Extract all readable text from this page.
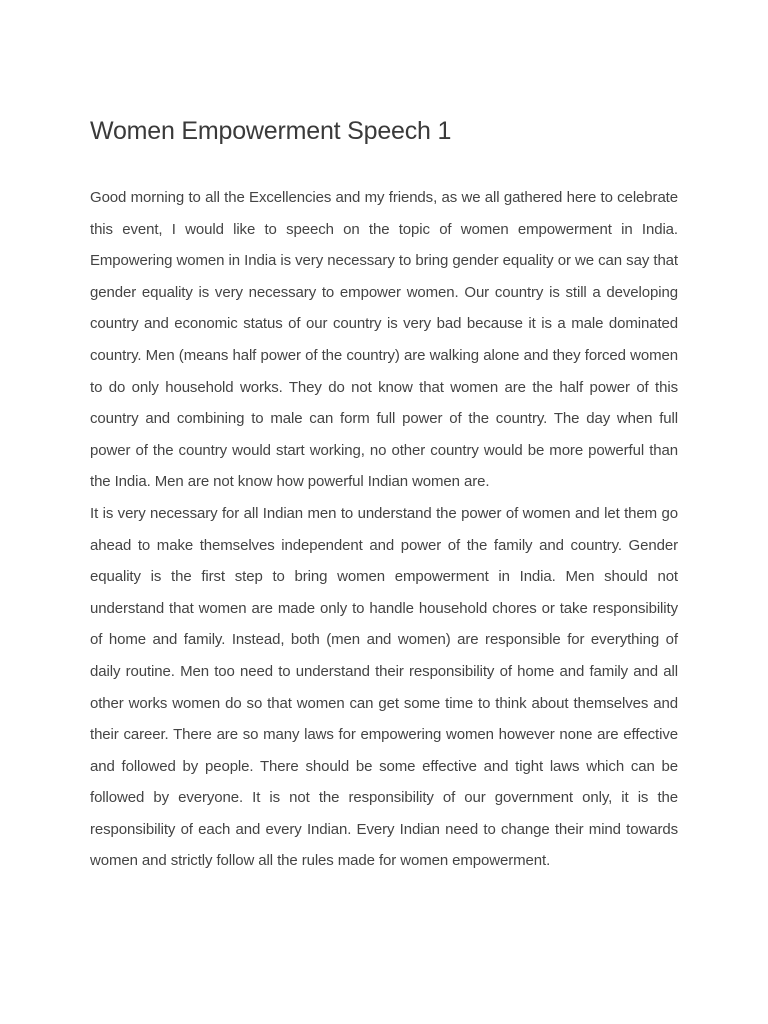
Women Empowerment Speech 1

Good morning to all the Excellencies and my friends, as we all gathered here to celebrate this event, I would like to speech on the topic of women empowerment in India. Empowering women in India is very necessary to bring gender equality or we can say that gender equality is very necessary to empower women. Our country is still a developing country and economic status of our country is very bad because it is a male dominated country. Men (means half power of the country) are walking alone and they forced women to do only household works. They do not know that women are the half power of this country and combining to male can form full power of the country. The day when full power of the country would start working, no other country would be more powerful than the India. Men are not know how powerful Indian women are.

It is very necessary for all Indian men to understand the power of women and let them go ahead to make themselves independent and power of the family and country. Gender equality is the first step to bring women empowerment in India. Men should not understand that women are made only to handle household chores or take responsibility of home and family. Instead, both (men and women) are responsible for everything of daily routine. Men too need to understand their responsibility of home and family and all other works women do so that women can get some time to think about themselves and their career. There are so many laws for empowering women however none are effective and followed by people. There should be some effective and tight laws which can be followed by everyone. It is not the responsibility of our government only, it is the responsibility of each and every Indian. Every Indian need to change their mind towards women and strictly follow all the rules made for women empowerment.
